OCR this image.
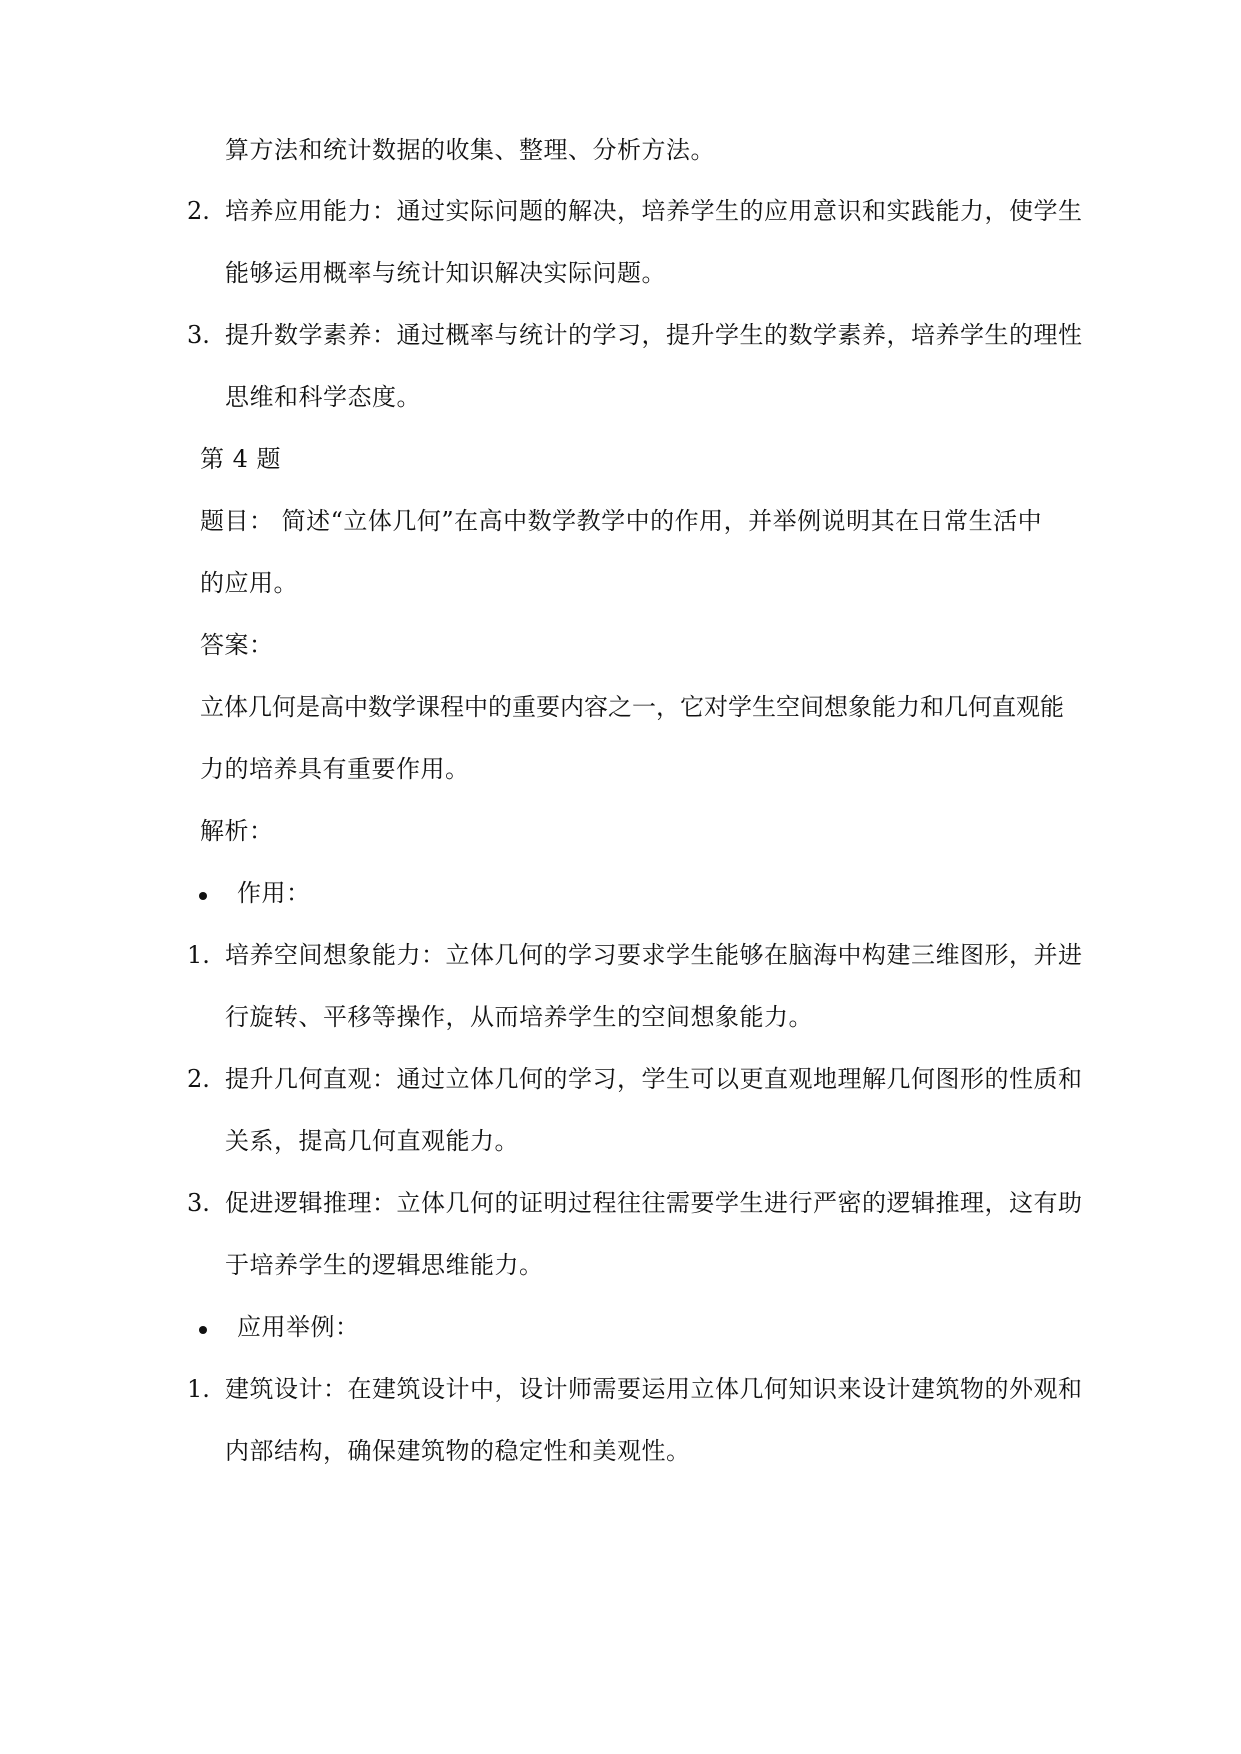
算方法和统计数据的收集、整理、分析方法。
2. 培养应用能力：通过实际问题的解决，培养学生的应用意识和实践能力，使学生
能够运用概率与统计知识解决实际问题。
3. 提升数学素养：通过概率与统计的学习，提升学生的数学素养，培养学生的理性
思维和科学态度。
第 4 题
题目： 简述“立体几何”在高中数学教学中的作用，并举例说明其在日常生活中
的应用。
答案：
立体几何是高中数学课程中的重要内容之一，它对学生空间想象能力和几何直观能
力的培养具有重要作用。
解析：
作用：
1. 培养空间想象能力：立体几何的学习要求学生能够在脑海中构建三维图形，并进
行旋转、平移等操作，从而培养学生的空间想象能力。
2. 提升几何直观：通过立体几何的学习，学生可以更直观地理解几何图形的性质和
关系，提高几何直观能力。
3. 促进逻辑推理：立体几何的证明过程往往需要学生进行严密的逻辑推理，这有助
于培养学生的逻辑思维能力。
应用举例：
1. 建筑设计：在建筑设计中，设计师需要运用立体几何知识来设计建筑物的外观和
内部结构，确保建筑物的稳定性和美观性。
